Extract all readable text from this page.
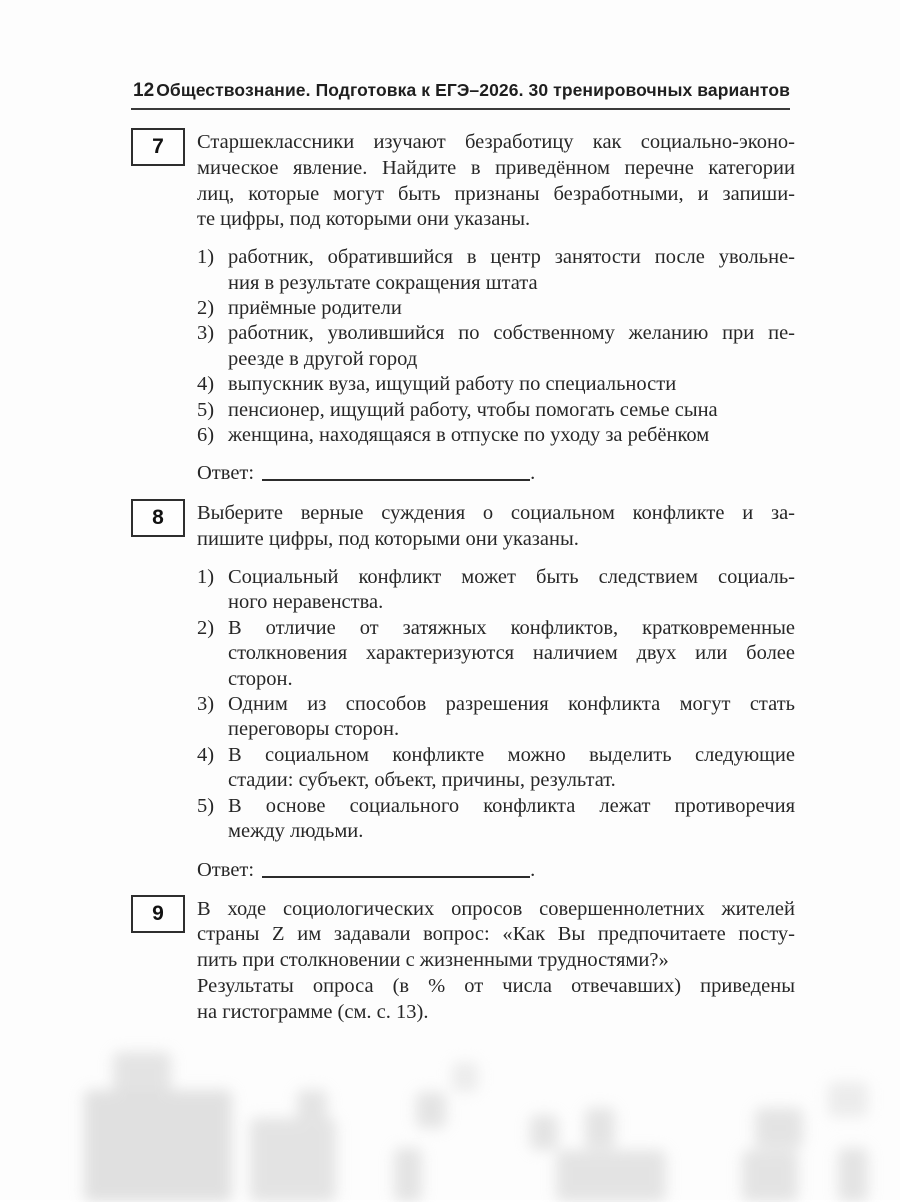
12 Обществознание. Подготовка к ЕГЭ–2026. 30 тренировочных вариантов
7 Старшеклассники изучают безработицу как социально-эконо-
мическое явление. Найдите в приведённом перечне категории
лиц, которые могут быть признаны безработными, и запиши-
те цифры, под которыми они указаны.
1) работник, обратившийся в центр занятости после увольне-
ния в результате сокращения штата
2) приёмные родители
3) работник, уволившийся по собственному желанию при пе-
реезде в другой город
4) выпускник вуза, ищущий работу по специальности
5) пенсионер, ищущий работу, чтобы помогать семье сына
6) женщина, находящаяся в отпуске по уходу за ребёнком
Ответ:	.
8 Выберите верные суждения о социальном конфликте и за-
пишите цифры, под которыми они указаны.
1) Социальный конфликт может быть следствием социаль-
ного неравенства.
2) В отличие от затяжных конфликтов, кратковременные
столкновения характеризуются наличием двух или более
сторон.
3) Одним из способов разрешения конфликта могут стать
переговоры сторон.
4) В социальном конфликте можно выделить следующие
стадии: субъект, объект, причины, результат.
5) В основе социального конфликта лежат противоречия
между людьми.
Ответ:	.
9 В ходе социологических опросов совершеннолетних жителей
страны Z им задавали вопрос: «Как Вы предпочитаете посту-
пить при столкновении с жизненными трудностями?»
Результаты опроса (в % от числа отвечавших) приведены
на гистограмме (см. с. 13).
